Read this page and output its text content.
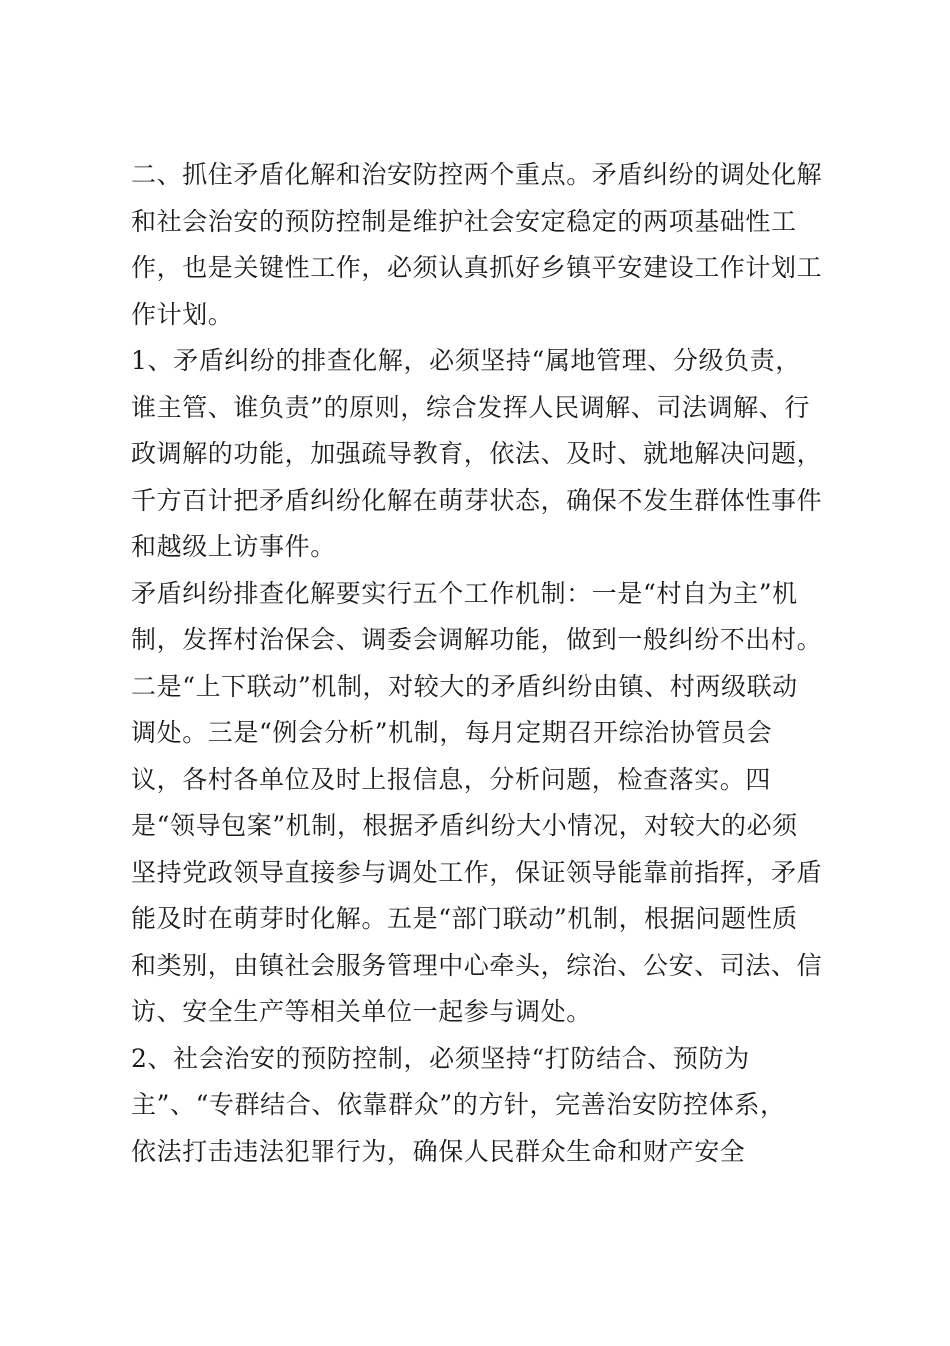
二、抓住矛盾化解和治安防控两个重点。矛盾纠纷的调处化解
和社会治安的预防控制是维护社会安定稳定的两项基础性工
作，也是关键性工作，必须认真抓好乡镇平安建设工作计划工
作计划。
1、矛盾纠纷的排查化解，必须坚持“属地管理、分级负责，
谁主管、谁负责”的原则，综合发挥人民调解、司法调解、行
政调解的功能，加强疏导教育，依法、及时、就地解决问题，
千方百计把矛盾纠纷化解在萌芽状态，确保不发生群体性事件
和越级上访事件。
矛盾纠纷排查化解要实行五个工作机制：一是“村自为主”机
制，发挥村治保会、调委会调解功能，做到一般纠纷不出村。
二是“上下联动”机制，对较大的矛盾纠纷由镇、村两级联动
调处。三是“例会分析”机制，每月定期召开综治协管员会
议，各村各单位及时上报信息，分析问题，检查落实。四
是“领导包案”机制，根据矛盾纠纷大小情况，对较大的必须
坚持党政领导直接参与调处工作，保证领导能靠前指挥，矛盾
能及时在萌芽时化解。五是“部门联动”机制，根据问题性质
和类别，由镇社会服务管理中心牵头，综治、公安、司法、信
访、安全生产等相关单位一起参与调处。
2、社会治安的预防控制，必须坚持“打防结合、预防为
主”、“专群结合、依靠群众”的方针，完善治安防控体系，
依法打击违法犯罪行为，确保人民群众生命和财产安全
